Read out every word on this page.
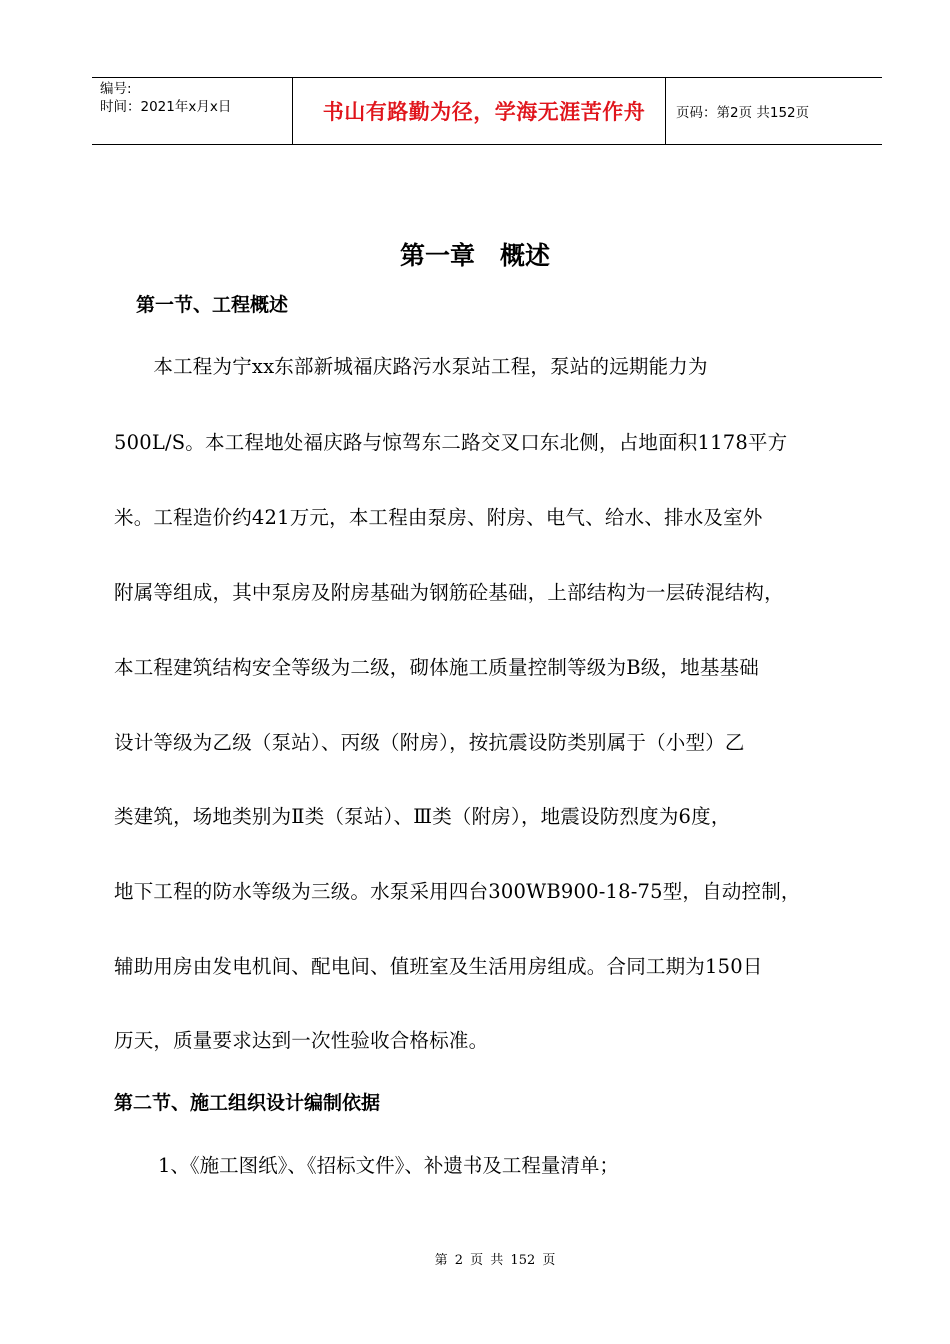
编号:
时间：2021年x月x日	书山有路勤为径，学海无涯苦作舟 页码：第2页 共152页
第一章　概述
第一节、工程概述
　　本工程为宁xx东部新城福庆路污水泵站工程，泵站的远期能力为
500L/S。本工程地处福庆路与惊驾东二路交叉口东北侧，占地面积1178平方
米。工程造价约421万元，本工程由泵房、附房、电气、给水、排水及室外
附属等组成，其中泵房及附房基础为钢筋砼基础，上部结构为一层砖混结构，
本工程建筑结构安全等级为二级，砌体施工质量控制等级为B级，地基基础
设计等级为乙级（泵站）、丙级（附房），按抗震设防类别属于（小型）乙
类建筑，场地类别为Ⅱ类（泵站）、Ⅲ类（附房），地震设防烈度为6度，
地下工程的防水等级为三级。水泵采用四台300WB900-18-75型，自动控制，
辅助用房由发电机间、配电间、值班室及生活用房组成。合同工期为150日
历天，质量要求达到一次性验收合格标准。
第二节、施工组织设计编制依据
1、《施工图纸》、《招标文件》、补遗书及工程量清单；
第 2 页 共 152 页
